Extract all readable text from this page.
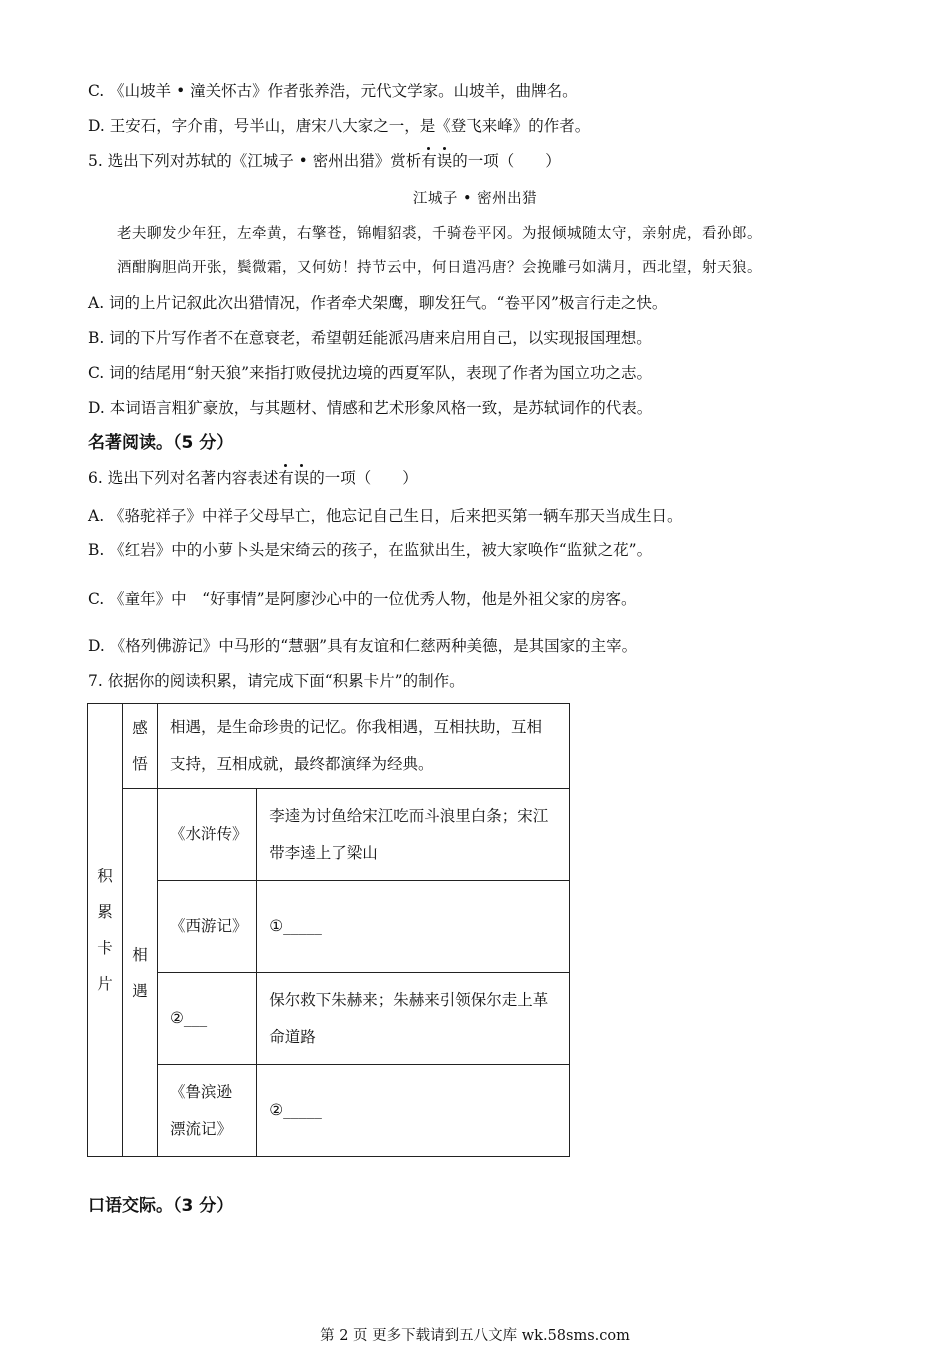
C. 《山坡羊 • 潼关怀古》作者张养浩，元代文学家。山坡羊，曲牌名。
D. 王安石，字介甫，号半山，唐宋八大家之一，是《登飞来峰》的作者。
5. 选出下列对苏轼的《江城子 • 密州出猎》赏析有误的一项（　　）
江城子 • 密州出猎
老夫聊发少年狂，左牵黄，右擎苍，锦帽貂裘，千骑卷平冈。为报倾城随太守，亲射虎，看孙郎。
酒酣胸胆尚开张，鬓微霜，又何妨！持节云中，何日遣冯唐？会挽雕弓如满月，西北望，射天狼。
A. 词的上片记叙此次出猎情况，作者牵犬架鹰，聊发狂气。“卷平冈”极言行走之快。
B. 词的下片写作者不在意衰老，希望朝廷能派冯唐来启用自己，以实现报国理想。
C. 词的结尾用“射天狼”来指打败侵扰边境的西夏军队，表现了作者为国立功之志。
D. 本词语言粗犷豪放，与其题材、情感和艺术形象风格一致，是苏轼词作的代表。
名著阅读。（5 分）
6. 选出下列对名著内容表述有误的一项（　　）
A. 《骆驼祥子》中祥子父母早亡，他忘记自己生日，后来把买第一辆车那天当成生日。
B. 《红岩》中的小萝卜头是宋绮云的孩子，在监狱出生，被大家唤作“监狱之花”。
C. 《童年》中　“好事情”是阿廖沙心中的一位优秀人物，他是外祖父家的房客。
D. 《格列佛游记》中马形的“慧骃”具有友谊和仁慈两种美德，是其国家的主宰。
7. 依据你的阅读积累，请完成下面“积累卡片”的制作。
积累卡片	感悟	相遇，是生命珍贵的记忆。你我相遇，互相扶助，互相支持，互相成就，最终都演绎为经典。	

	相遇	《水浒传》	李逵为讨鱼给宋江吃而斗浪里白条；宋江带李逵上了梁山
		《西游记》	①_____
		②___	保尔救下朱赫来；朱赫来引领保尔走上革命道路
		《鲁滨逊漂流记》	②_____
口语交际。（3 分）
第 2 页 更多下载请到五八文库 wk.58sms.com
